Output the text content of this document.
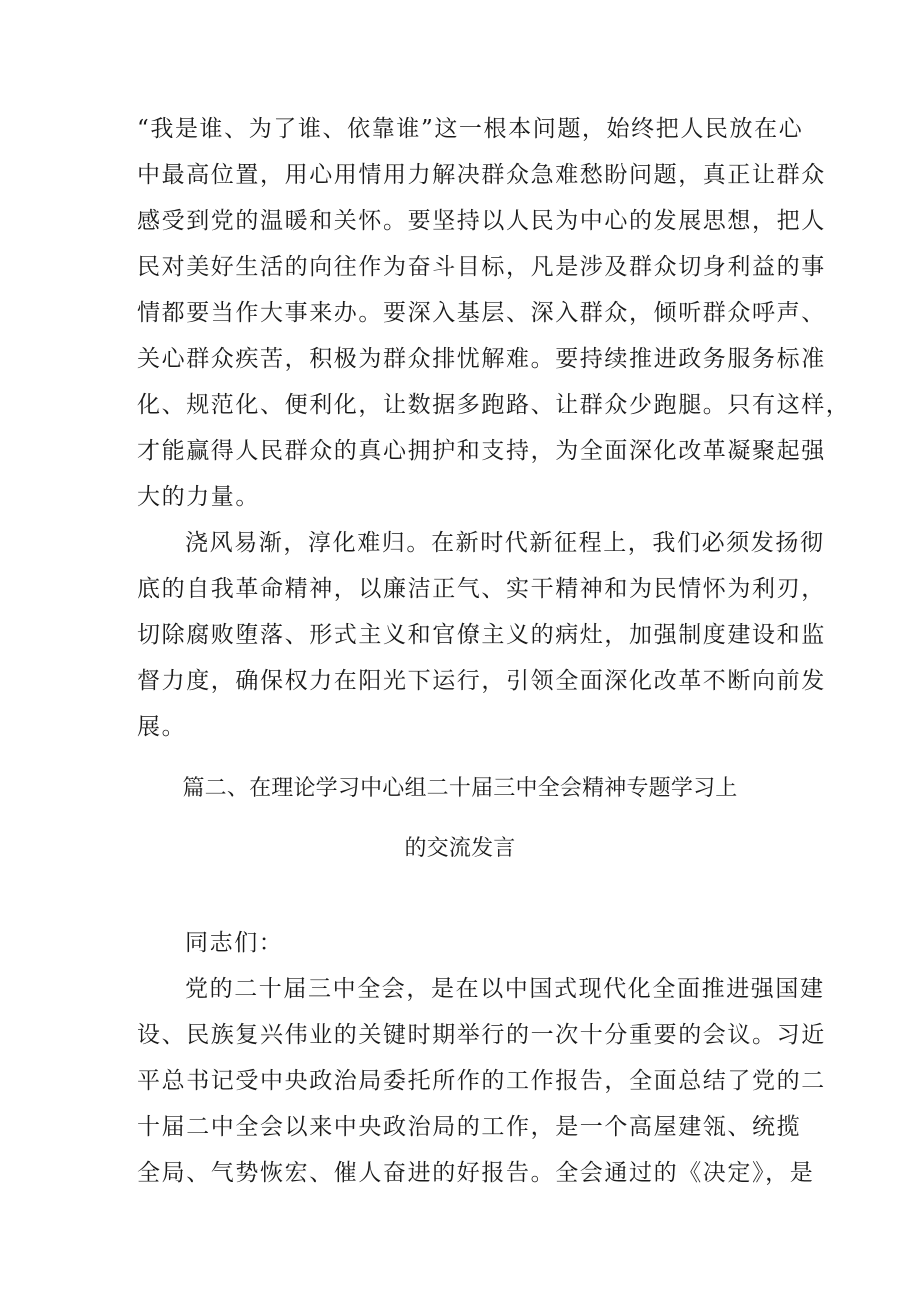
“我是谁、为了谁、依靠谁”这一根本问题，始终把人民放在心
中最高位置，用心用情用力解决群众急难愁盼问题，真正让群众
感受到党的温暖和关怀。要坚持以人民为中心的发展思想，把人
民对美好生活的向往作为奋斗目标，凡是涉及群众切身利益的事
情都要当作大事来办。要深入基层、深入群众，倾听群众呼声、
关心群众疾苦，积极为群众排忧解难。要持续推进政务服务标准
化、规范化、便利化，让数据多跑路、让群众少跑腿。只有这样，
才能赢得人民群众的真心拥护和支持，为全面深化改革凝聚起强
大的力量。
浇风易渐，淳化难归。在新时代新征程上，我们必须发扬彻
底的自我革命精神，以廉洁正气、实干精神和为民情怀为利刃，
切除腐败堕落、形式主义和官僚主义的病灶，加强制度建设和监
督力度，确保权力在阳光下运行，引领全面深化改革不断向前发
展。
篇二、在理论学习中心组二十届三中全会精神专题学习上
的交流发言
同志们：
党的二十届三中全会，是在以中国式现代化全面推进强国建
设、民族复兴伟业的关键时期举行的一次十分重要的会议。习近
平总书记受中央政治局委托所作的工作报告，全面总结了党的二
十届二中全会以来中央政治局的工作，是一个高屋建瓴、统揽
全局、气势恢宏、催人奋进的好报告。全会通过的《决定》，是
